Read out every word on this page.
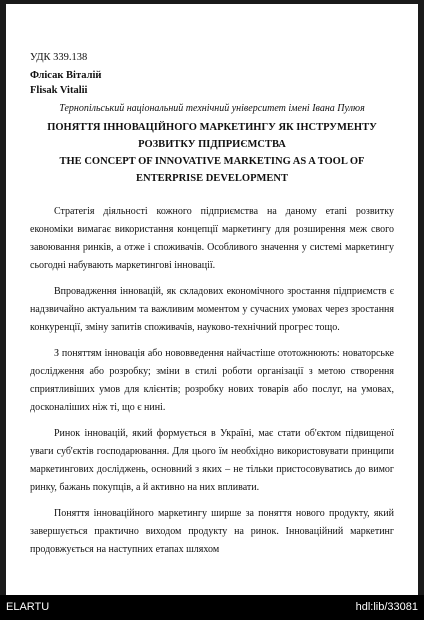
УДК 339.138

Флісак Віталій

Flisak Vitalii

Тернопільський національний технічний університет імені Івана Пулюя

ПОНЯТТЯ ІННОВАЦІЙНОГО МАРКЕТИНГУ ЯК ІНСТРУМЕНТУ

РОЗВИТКУ ПІДПРИЄМСТВА

THE CONCEPT OF INNOVATIVE MARKETING AS A TOOL OF

ENTERPRISE DEVELOPMENT

Стратегія діяльності кожного підприємства на даному етапі розвитку економіки вимагає використання концепції маркетингу для розширення меж свого завоювання ринків, а отже і споживачів. Особливого значення у системі маркетингу сьогодні набувають маркетингові інновації.

Впровадження інновацій, як складових економічного зростання підприємств є надзвичайно актуальним та важливим моментом у сучасних умовах через зростання конкуренції, зміну запитів споживачів, науково-технічний прогрес тощо.

З поняттям інновація або нововведення найчастіше ототожнюють: новаторське дослідження або розробку; зміни в стилі роботи організації з метою створення сприятливіших умов для клієнтів; розробку нових товарів або послуг, на умовах, досконаліших ніж ті, що є нині.

Ринок інновацій, який формується в Україні, має стати об'єктом підвищеної уваги суб'єктів господарювання. Для цього їм необхідно використовувати принципи маркетингових досліджень, основний з яких – не тільки пристосовуватись до вимог ринку, бажань покупців, а й активно на них впливати.

Поняття інноваційного маркетингу ширше за поняття нового продукту, який завершується практично виходом продукту на ринок. Інноваційний маркетинг продовжується на наступних етапах шляхом

ELARTU	hdl:lib/33081
